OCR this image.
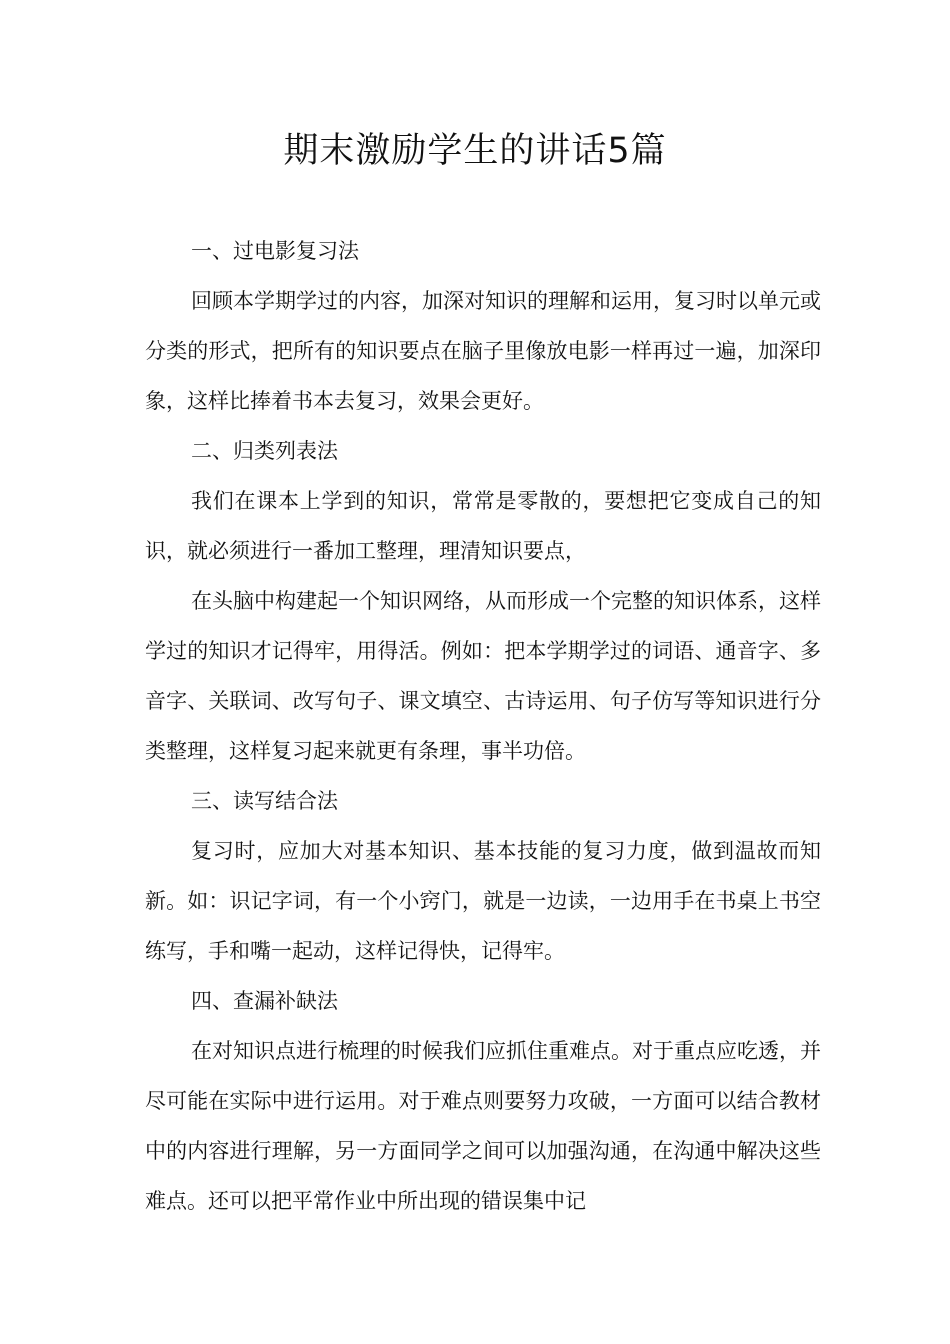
期末激励学生的讲话5篇

一、过电影复习法

回顾本学期学过的内容，加深对知识的理解和运用，复习时以单元或分类的形式，把所有的知识要点在脑子里像放电影一样再过一遍，加深印象，这样比捧着书本去复习，效果会更好。

二、归类列表法

我们在课本上学到的知识，常常是零散的，要想把它变成自己的知识，就必须进行一番加工整理，理清知识要点，

在头脑中构建起一个知识网络，从而形成一个完整的知识体系，这样学过的知识才记得牢，用得活。例如：把本学期学过的词语、通音字、多音字、关联词、改写句子、课文填空、古诗运用、句子仿写等知识进行分类整理，这样复习起来就更有条理，事半功倍。

三、读写结合法

复习时，应加大对基本知识、基本技能的复习力度，做到温故而知新。如：识记字词，有一个小窍门，就是一边读，一边用手在书桌上书空练写，手和嘴一起动，这样记得快，记得牢。

四、查漏补缺法

在对知识点进行梳理的时候我们应抓住重难点。对于重点应吃透，并尽可能在实际中进行运用。对于难点则要努力攻破，一方面可以结合教材中的内容进行理解，另一方面同学之间可以加强沟通，在沟通中解决这些难点。还可以把平常作业中所出现的错误集中记
